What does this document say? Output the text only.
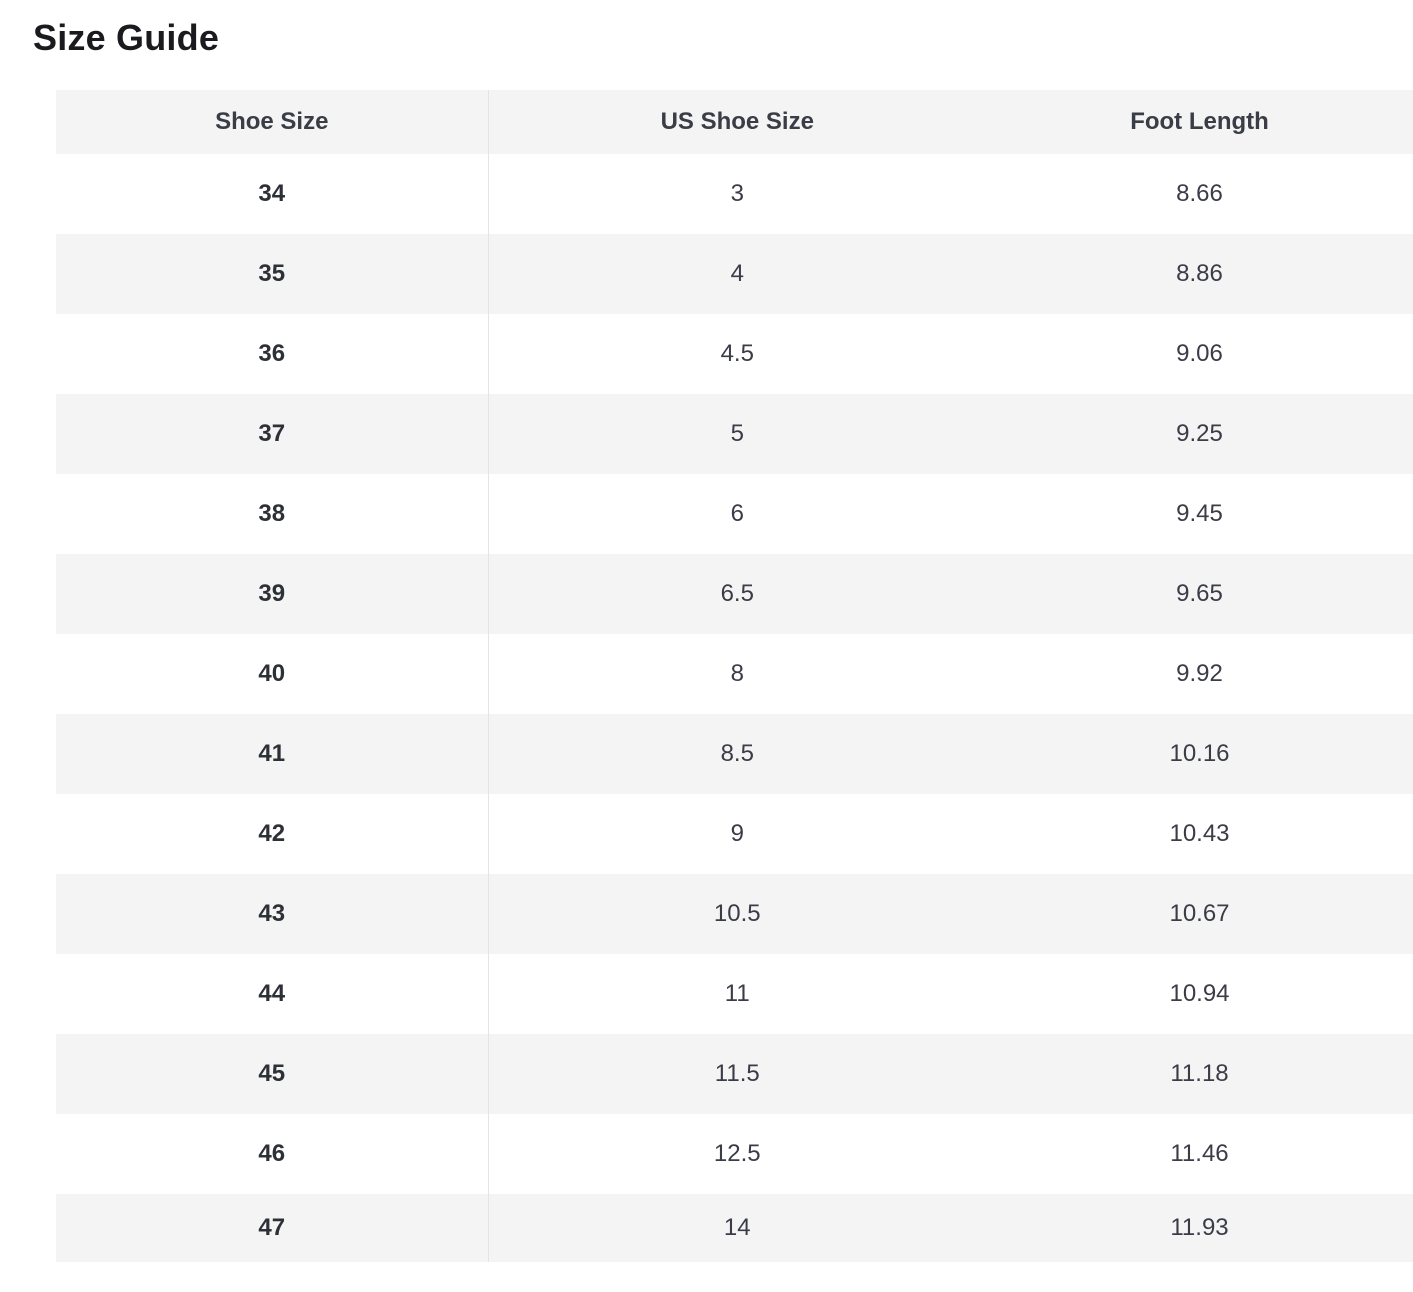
Size Guide
Shoe Size	US Shoe Size	Foot Length
34	3	8.66
35	4	8.86
36	4.5	9.06
37	5	9.25
38	6	9.45
39	6.5	9.65
40	8	9.92
41	8.5	10.16
42	9	10.43
43	10.5	10.67
44	11	10.94
45	11.5	11.18
46	12.5	11.46
47	14	11.93
